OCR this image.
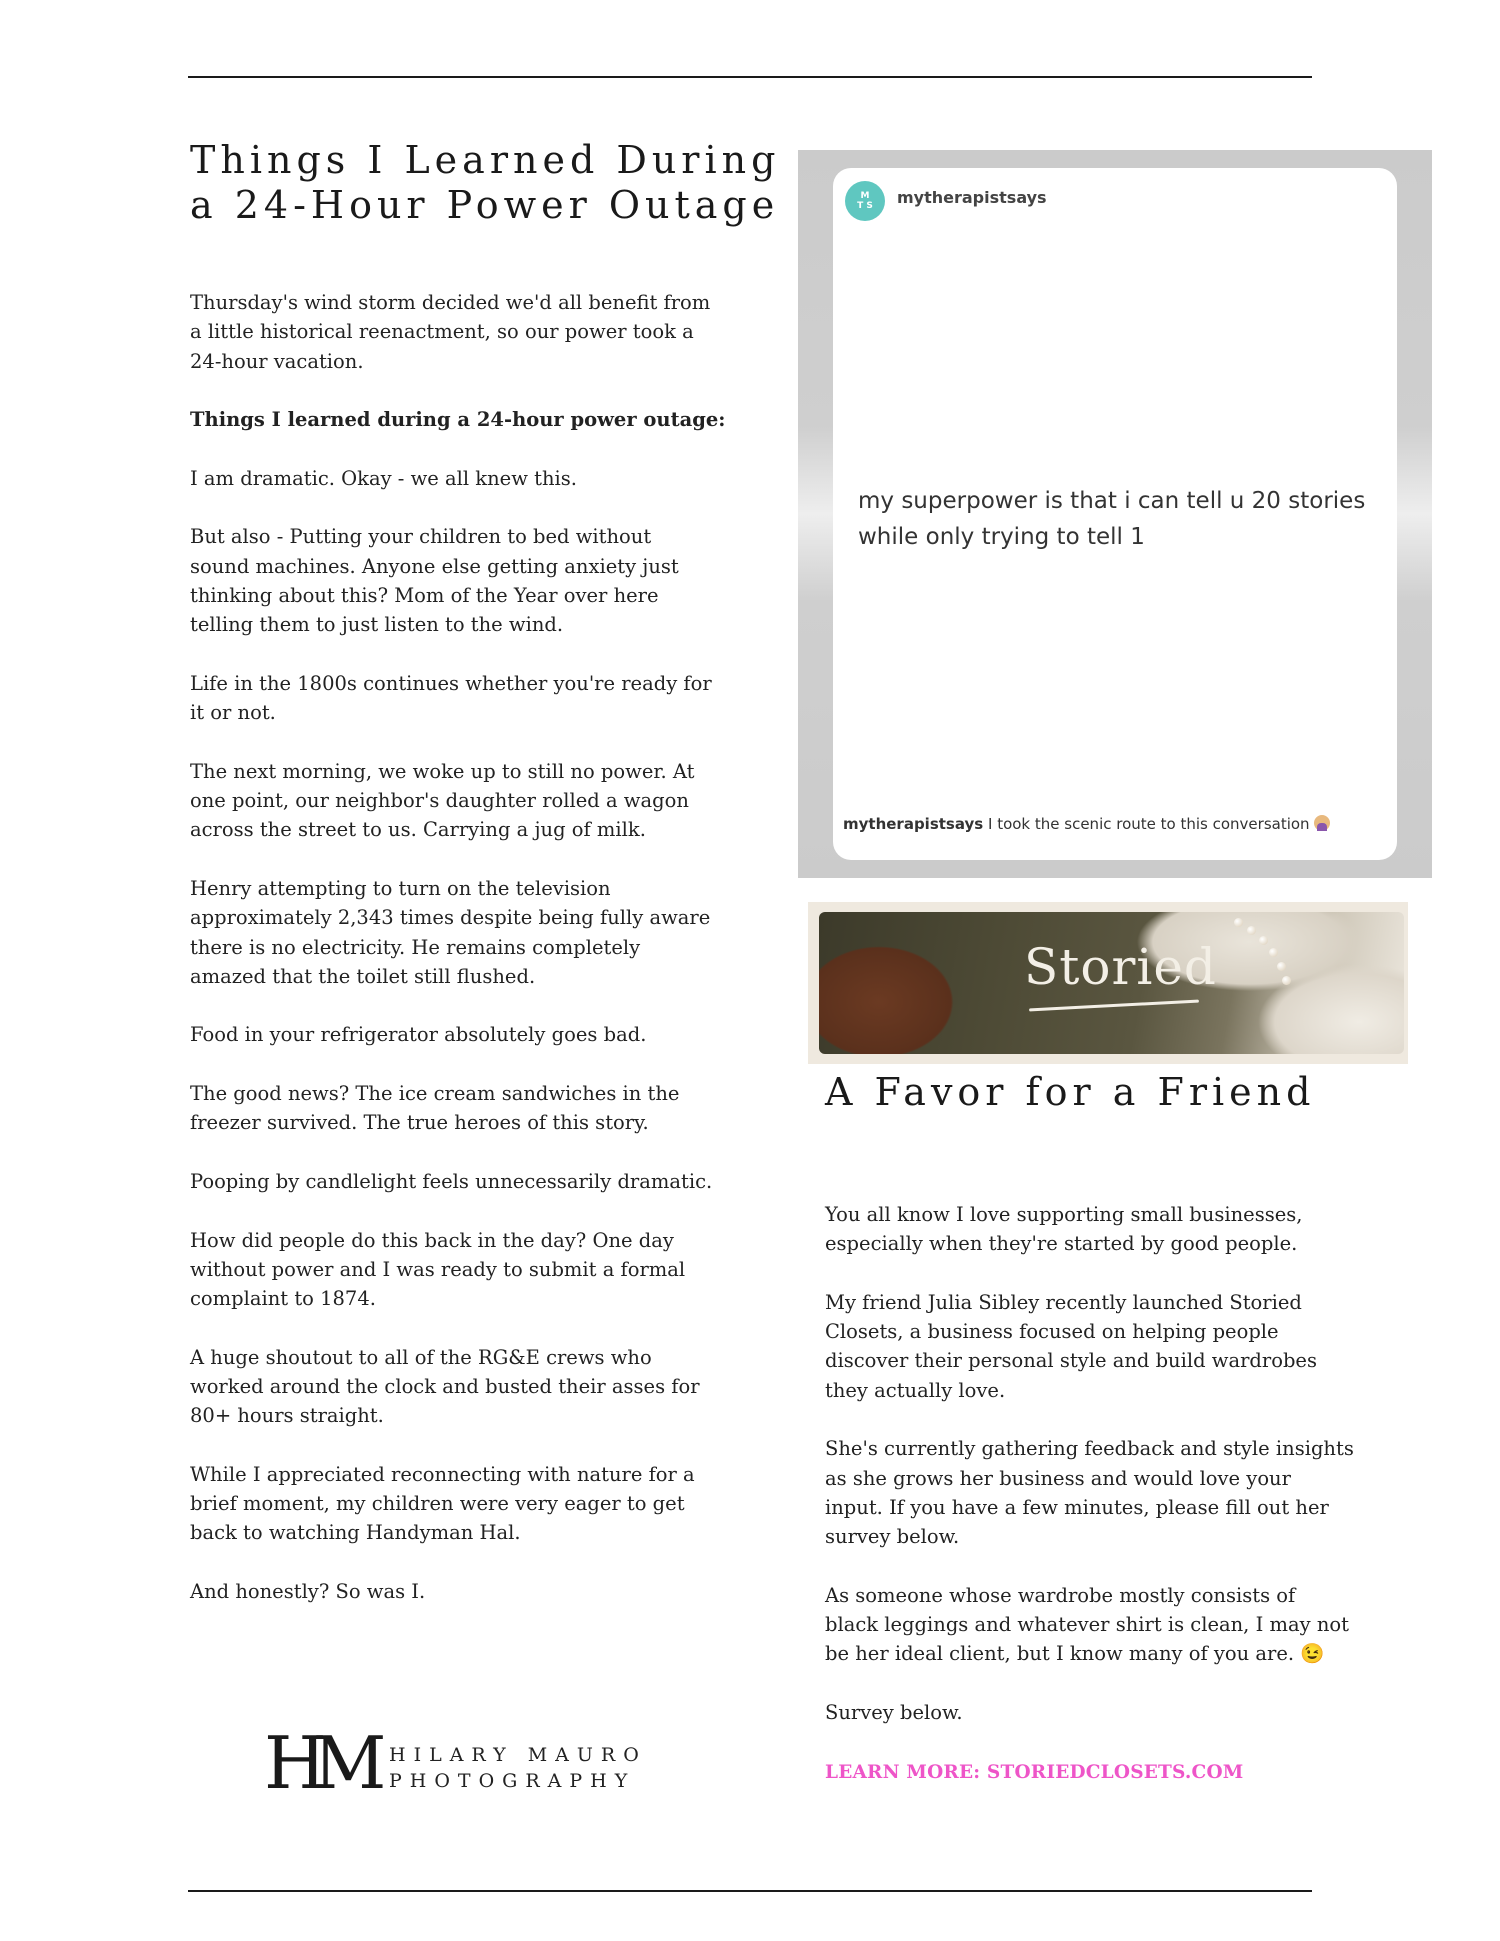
Things I Learned During a 24-Hour Power Outage

Thursday's wind storm decided we'd all benefit from
a little historical reenactment, so our power took a
24-hour vacation.

Things I learned during a 24-hour power outage:

I am dramatic. Okay - we all knew this.

But also - Putting your children to bed without
sound machines. Anyone else getting anxiety just
thinking about this? Mom of the Year over here
telling them to just listen to the wind.

Life in the 1800s continues whether you're ready for
it or not.

The next morning, we woke up to still no power. At
one point, our neighbor's daughter rolled a wagon
across the street to us. Carrying a jug of milk.

Henry attempting to turn on the television
approximately 2,343 times despite being fully aware
there is no electricity. He remains completely
amazed that the toilet still flushed.

Food in your refrigerator absolutely goes bad.

The good news? The ice cream sandwiches in the
freezer survived. The true heroes of this story.

Pooping by candlelight feels unnecessarily dramatic.

How did people do this back in the day? One day
without power and I was ready to submit a formal
complaint to 1874.

A huge shoutout to all of the RG&E crews who
worked around the clock and busted their asses for
80+ hours straight.

While I appreciated reconnecting with nature for a
brief moment, my children were very eager to get
back to watching Handyman Hal.

And honestly? So was I.

M
T S	mytherapistsays
my superpower is that i can tell u 20 stories while only trying to tell 1
mytherapistsays I took the scenic route to this conversation
Storied
A Favor for a Friend

You all know I love supporting small businesses,
especially when they're started by good people.

My friend Julia Sibley recently launched Storied
Closets, a business focused on helping people
discover their personal style and build wardrobes
they actually love.

She's currently gathering feedback and style insights
as she grows her business and would love your
input. If you have a few minutes, please fill out her
survey below.

As someone whose wardrobe mostly consists of
black leggings and whatever shirt is clean, I may not
be her ideal client, but I know many of you are. 😉

Survey below.

LEARN MORE: STORIEDCLOSETS.COM

HM HILARY MAURO
PHOTOGRAPHY
